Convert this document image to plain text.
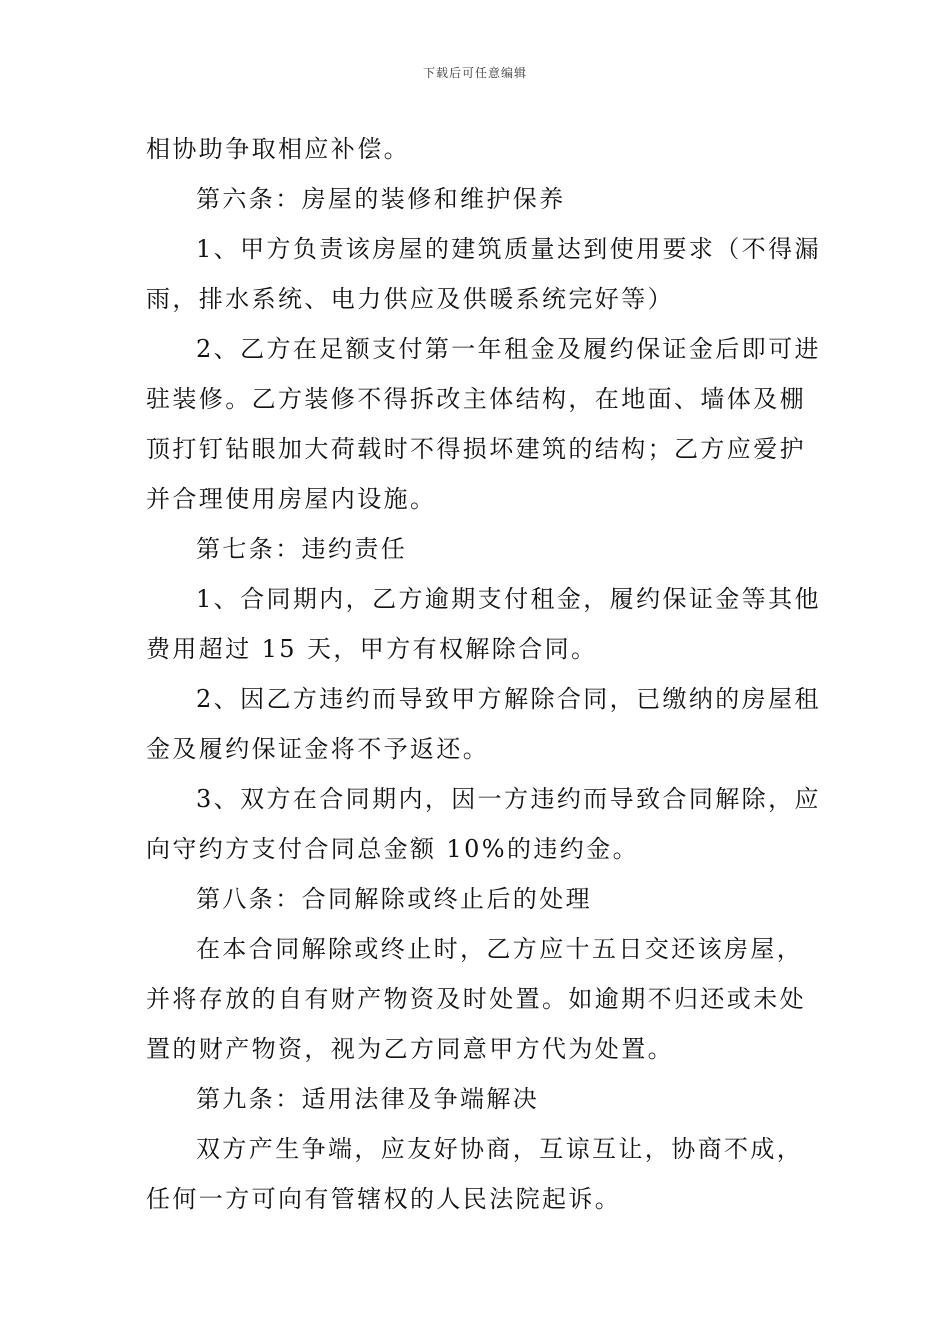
下载后可任意编辑
相协助争取相应补偿。
第六条：房屋的装修和维护保养
1、甲方负责该房屋的建筑质量达到使用要求（不得漏
雨，排水系统、电力供应及供暖系统完好等）
2、乙方在足额支付第一年租金及履约保证金后即可进
驻装修。乙方装修不得拆改主体结构，在地面、墙体及棚
顶打钉钻眼加大荷载时不得损坏建筑的结构；乙方应爱护
并合理使用房屋内设施。
第七条：违约责任
1、合同期内，乙方逾期支付租金，履约保证金等其他
费用超过 15 天，甲方有权解除合同。
2、因乙方违约而导致甲方解除合同，已缴纳的房屋租
金及履约保证金将不予返还。
3、双方在合同期内，因一方违约而导致合同解除，应
向守约方支付合同总金额 10%的违约金。
第八条：合同解除或终止后的处理
在本合同解除或终止时，乙方应十五日交还该房屋，
并将存放的自有财产物资及时处置。如逾期不归还或未处
置的财产物资，视为乙方同意甲方代为处置。
第九条：适用法律及争端解决
双方产生争端，应友好协商，互谅互让，协商不成，
任何一方可向有管辖权的人民法院起诉。
